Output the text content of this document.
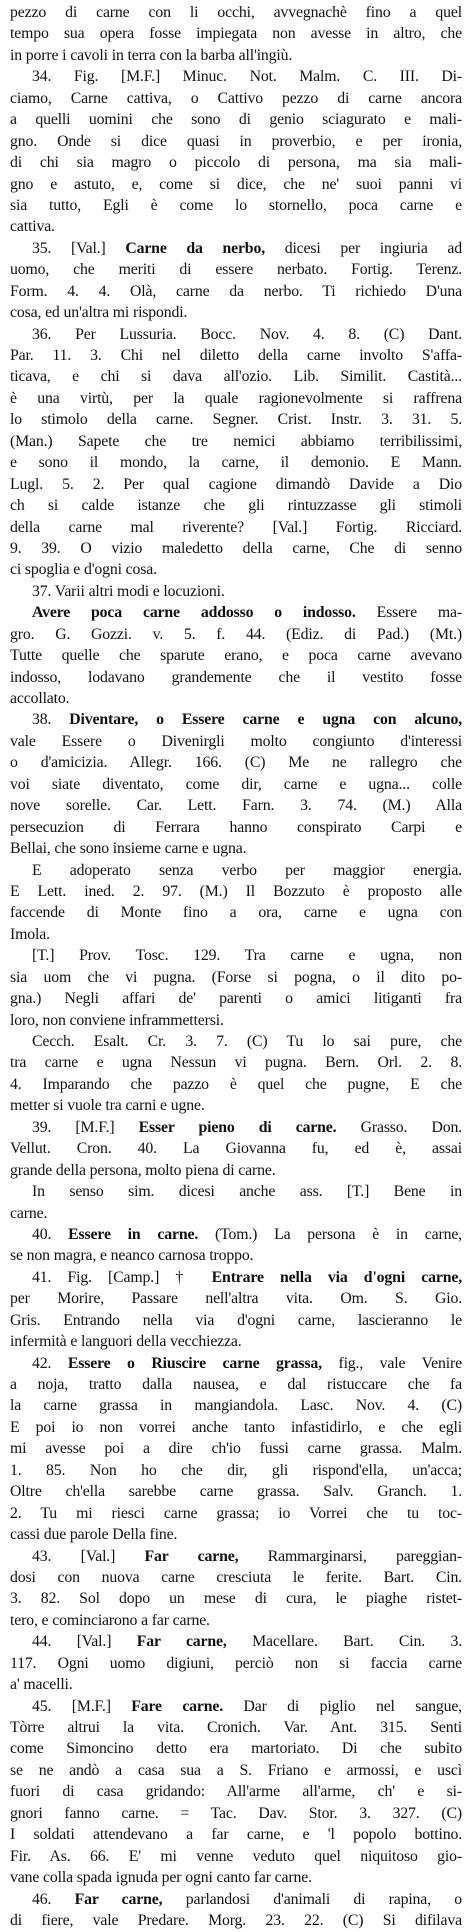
pezzo di carne con li occhi, avvegnachè fino a quel
tempo sua opera fosse impiegata non avesse in altro, che
in porre i cavoli in terra con la barba all'ingiù.
34. Fig. [M.F.] Minuc. Not. Malm. C. III. Di-
ciamo, Carne cattiva, o Cattivo pezzo di carne ancora
a quelli uomini che sono di genio sciagurato e mali-
gno. Onde si dice quasi in proverbio, e per ironia,
di chi sia magro o piccolo di persona, ma sia mali-
gno e astuto, e, come si dice, che ne' suoi panni vi
sia tutto, Egli è come lo stornello, poca carne e
cattiva.
35. [Val.] Carne da nerbo, dicesi per ingiuria ad
uomo, che meriti di essere nerbato. Fortig. Terenz.
Form. 4. 4. Olà, carne da nerbo. Ti richiedo D'una
cosa, ed un'altra mi rispondi.
36. Per Lussuria. Bocc. Nov. 4. 8. (C) Dant.
Par. 11. 3. Chi nel diletto della carne involto S'affa-
ticava, e chi si dava all'ozio. Lib. Similit. Castità...
è una virtù, per la quale ragionevolmente si raffrena
lo stimolo della carne. Segner. Crist. Instr. 3. 31. 5.
(Man.) Sapete che tre nemici abbiamo terribilissimi,
e sono il mondo, la carne, il demonio. E Mann.
Lugl. 5. 2. Per qual cagione dimandò Davide a Dio
ch si calde istanze che gli rintuzzasse gli stimoli
della carne mal riverente? [Val.] Fortig. Ricciard.
9. 39. O vizio maledetto della carne, Che di senno
ci spoglia e d'ogni cosa.
37. Varii altri modi e locuzioni.
Avere poca carne addosso o indosso. Essere ma-
gro. G. Gozzi. v. 5. f. 44. (Ediz. di Pad.) (Mt.)
Tutte quelle che sparute erano, e poca carne avevano
indosso, lodavano grandemente che il vestito fosse
accollato.
38. Diventare, o Essere carne e ugna con alcuno,
vale Essere o Divenirgli molto congiunto d'interessi
o d'amicizia. Allegr. 166. (C) Me ne rallegro che
voi siate diventato, come dir, carne e ugna... colle
nove sorelle. Car. Lett. Farn. 3. 74. (M.) Alla
persecuzion di Ferrara hanno conspirato Carpi e
Bellai, che sono insieme carne e ugna.
E adoperato senza verbo per maggior energia.
E Lett. ined. 2. 97. (M.) Il Bozzuto è proposto alle
faccende di Monte fino a ora, carne e ugna con
Imola.
[T.] Prov. Tosc. 129. Tra carne e ugna, non
sia uom che vi pugna. (Forse si pogna, o il dito po-
gna.) Negli affari de' parenti o amici litiganti fra
loro, non conviene inframmettersi.
Cecch. Esalt. Cr. 3. 7. (C) Tu lo sai pure, che
tra carne e ugna Nessun vi pugna. Bern. Orl. 2. 8.
4. Imparando che pazzo è quel che pugne, E che
metter si vuole tra carni e ugne.
39. [M.F.] Esser pieno di carne. Grasso. Don.
Vellut. Cron. 40. La Giovanna fu, ed è, assai
grande della persona, molto piena di carne.
In senso sim. dicesi anche ass. [T.] Bene in
carne.
40. Essere in carne. (Tom.) La persona è in carne,
se non magra, e neanco carnosa troppo.
41. Fig. [Camp.] † Entrare nella via d'ogni carne,
per Morire, Passare nell'altra vita. Om. S. Gio.
Gris. Entrando nella via d'ogni carne, lascieranno le
infermità e languori della vecchiezza.
42. Essere o Riuscire carne grassa, fig., vale Venire
a noja, tratto dalla nausea, e dal ristuccare che fa
la carne grassa in mangiandola. Lasc. Nov. 4. (C)
E poi io non vorrei anche tanto infastidirlo, e che egli
mi avesse poi a dire ch'io fussi carne grassa. Malm.
1. 85. Non ho che dir, gli rispond'ella, un'acca;
Oltre ch'ella sarebbe carne grassa. Salv. Granch. 1.
2. Tu mi riesci carne grassa; io Vorrei che tu toc-
cassi due parole Della fine.
43. [Val.] Far carne, Rammarginarsi, pareggian-
dosi con nuova carne cresciuta le ferite. Bart. Cin.
3. 82. Sol dopo un mese di cura, le piaghe ristet-
tero, e cominciarono a far carne.
44. [Val.] Far carne, Macellare. Bart. Cin. 3.
117. Ogni uomo digiuni, perciò non si faccia carne
a' macelli.
45. [M.F.] Fare carne. Dar di piglio nel sangue,
Tòrre altrui la vita. Cronich. Var. Ant. 315. Senti
come Simoncino detto era martoriato. Di che subito
se ne andò a casa sua a S. Friano e armossi, e uscì
fuori di casa gridando: All'arme all'arme, ch' e si-
gnori fanno carne. = Tac. Dav. Stor. 3. 327. (C)
I soldati attendevano a far carne, e 'l popolo bottino.
Fir. As. 66. E' mi venne veduto quel niquitoso gio-
vane colla spada ignuda per ogni canto far carne.
46. Far carne, parlandosi d'animali di rapina, o
di fiere, vale Predare. Morg. 23. 22. (C) Si difilava
